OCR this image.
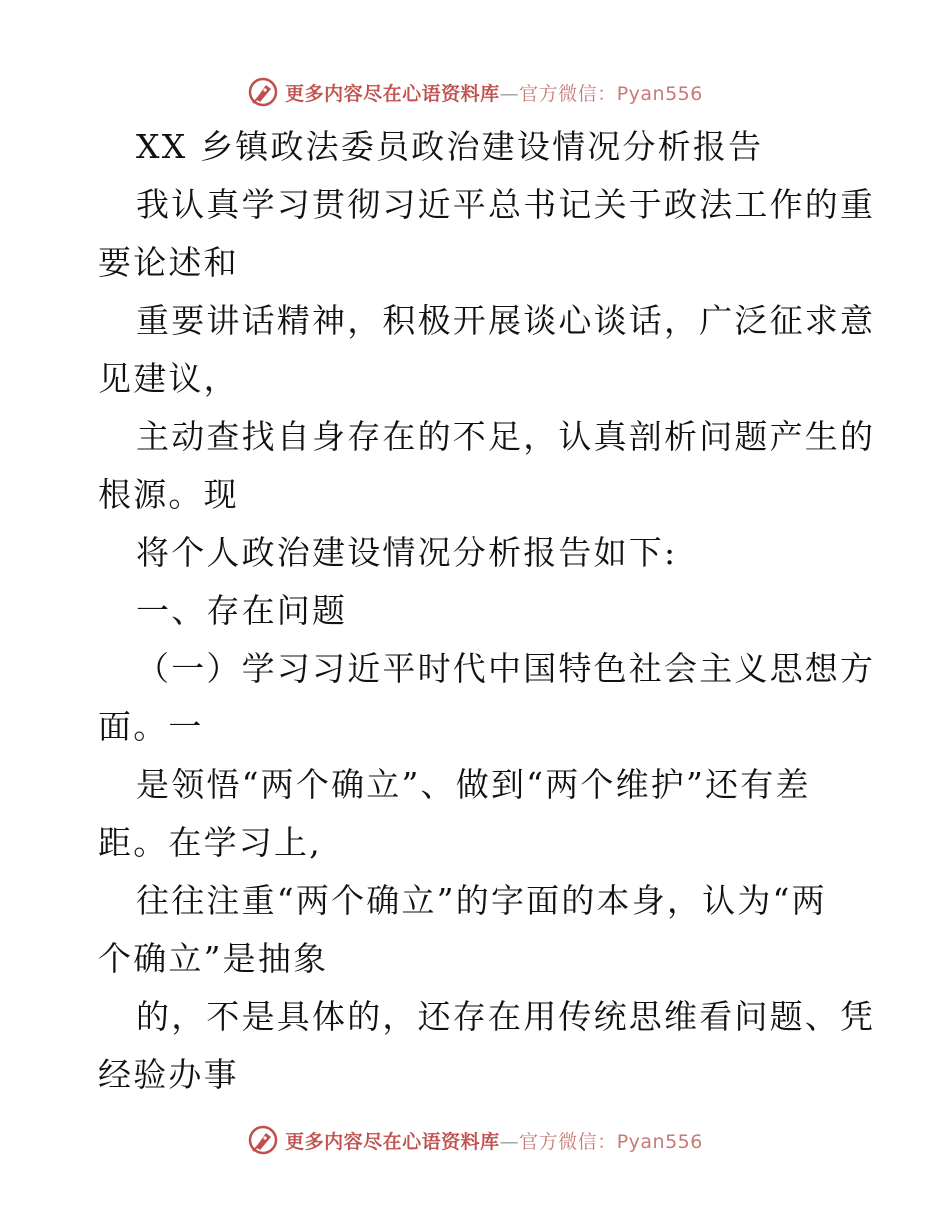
更多内容尽在心语资料库—官方微信：Pyan556
XX 乡镇政法委员政治建设情况分析报告
我认真学习贯彻习近平总书记关于政法工作的重
要论述和
重要讲话精神，积极开展谈心谈话，广泛征求意
见建议，
主动查找自身存在的不足，认真剖析问题产生的
根源。现
将个人政治建设情况分析报告如下:
一、存在问题
（一）学习习近平时代中国特色社会主义思想方
面。一
是领悟“两个确立”、做到“两个维护”还有差
距。在学习上,
往往注重“两个确立”的字面的本身，认为“两
个确立”是抽象
的，不是具体的，还存在用传统思维看问题、凭
经验办事
更多内容尽在心语资料库—官方微信：Pyan556
